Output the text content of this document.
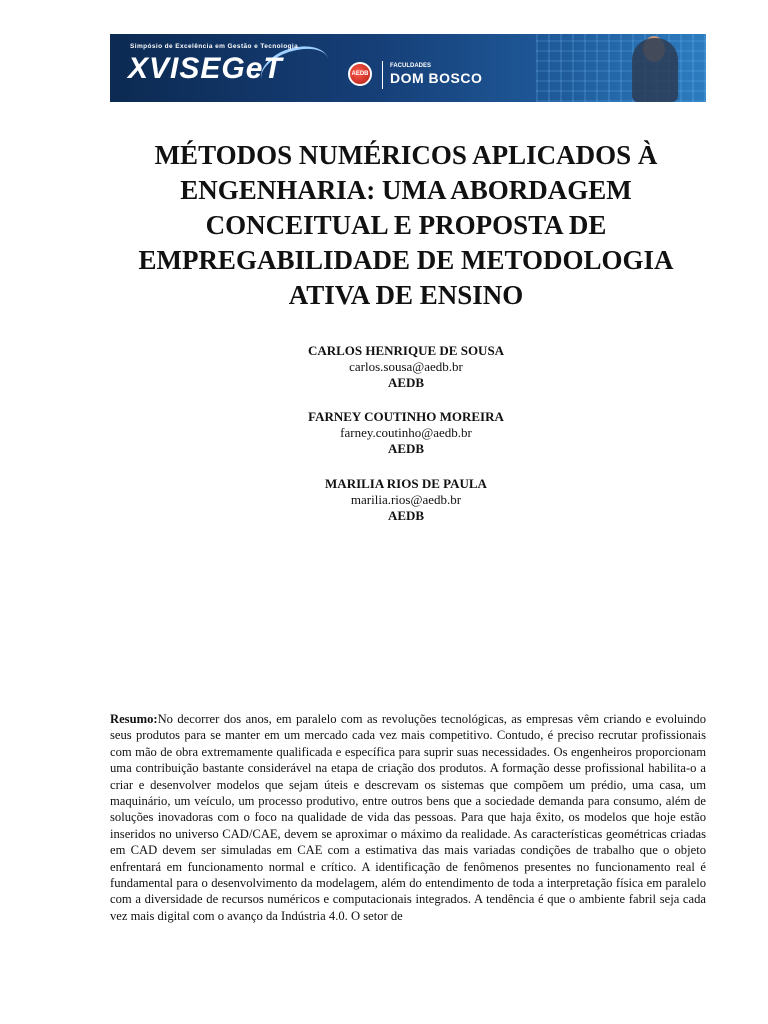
Simpósio de Excelência em Gestão e Tecnologia
XVISEGeT	AEDB
FACULDADES
DOM BOSCO
MÉTODOS NUMÉRICOS APLICADOS À ENGENHARIA: UMA ABORDAGEM CONCEITUAL E PROPOSTA DE EMPREGABILIDADE DE METODOLOGIA ATIVA DE ENSINO
CARLOS HENRIQUE DE SOUSA
carlos.sousa@aedb.br
AEDB
FARNEY COUTINHO MOREIRA
farney.coutinho@aedb.br
AEDB
MARILIA RIOS DE PAULA
marilia.rios@aedb.br
AEDB

Resumo:No decorrer dos anos, em paralelo com as revoluções tecnológicas, as empresas vêm criando e evoluindo seus produtos para se manter em um mercado cada vez mais competitivo. Contudo, é preciso recrutar profissionais com mão de obra extremamente qualificada e específica para suprir suas necessidades. Os engenheiros proporcionam uma contribuição bastante considerável na etapa de criação dos produtos. A formação desse profissional habilita-o a criar e desenvolver modelos que sejam úteis e descrevam os sistemas que compõem um prédio, uma casa, um maquinário, um veículo, um processo produtivo, entre outros bens que a sociedade demanda para consumo, além de soluções inovadoras com o foco na qualidade de vida das pessoas. Para que haja êxito, os modelos que hoje estão inseridos no universo CAD/CAE, devem se aproximar o máximo da realidade. As características geométricas criadas em CAD devem ser simuladas em CAE com a estimativa das mais variadas condições de trabalho que o objeto enfrentará em funcionamento normal e crítico. A identificação de fenômenos presentes no funcionamento real é fundamental para o desenvolvimento da modelagem, além do entendimento de toda a interpretação física em paralelo com a diversidade de recursos numéricos e computacionais integrados. A tendência é que o ambiente fabril seja cada vez mais digital com o avanço da Indústria 4.0. O setor de
